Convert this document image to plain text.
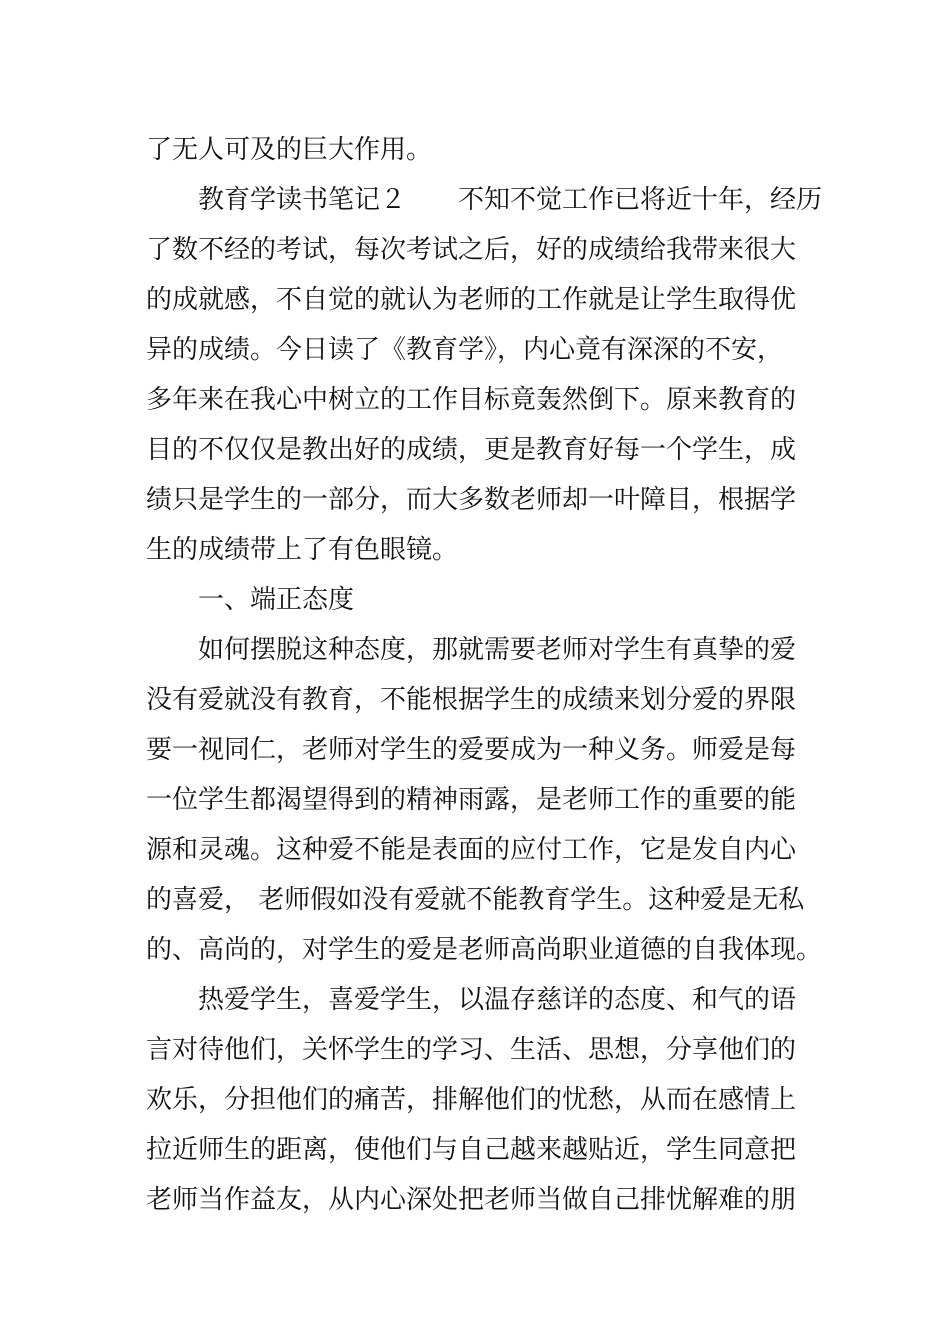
了无人可及的巨大作用。
教育学读书笔记２　　不知不觉工作已将近十年，经历
了数不经的考试，每次考试之后，好的成绩给我带来很大
的成就感，不自觉的就认为老师的工作就是让学生取得优
异的成绩。今日读了《教育学》，内心竟有深深的不安，
多年来在我心中树立的工作目标竟轰然倒下。原来教育的
目的不仅仅是教出好的成绩，更是教育好每一个学生，成
绩只是学生的一部分，而大多数老师却一叶障目，根据学
生的成绩带上了有色眼镜。
一、端正态度
如何摆脱这种态度，那就需要老师对学生有真挚的爱
没有爱就没有教育，不能根据学生的成绩来划分爱的界限
要一视同仁，老师对学生的爱要成为一种义务。师爱是每
一位学生都渴望得到的精神雨露，是老师工作的重要的能
源和灵魂。这种爱不能是表面的应付工作，它是发自内心
的喜爱， 老师假如没有爱就不能教育学生。这种爱是无私
的、高尚的，对学生的爱是老师高尚职业道德的自我体现。
热爱学生，喜爱学生，以温存慈详的态度、和气的语
言对待他们，关怀学生的学习、生活、思想，分享他们的
欢乐，分担他们的痛苦，排解他们的忧愁，从而在感情上
拉近师生的距离，使他们与自己越来越贴近，学生同意把
老师当作益友，从内心深处把老师当做自己排忧解难的朋
